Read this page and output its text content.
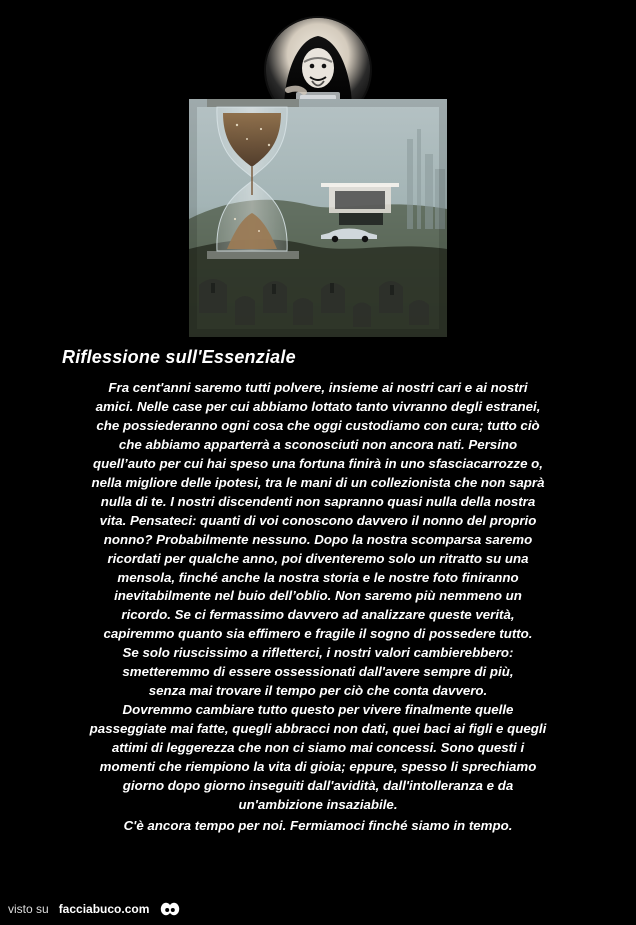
Riflessione sull'Essenziale

Fra cent'anni saremo tutti polvere, insieme ai nostri cari e ai nostri
amici. Nelle case per cui abbiamo lottato tanto vivranno degli estranei,
che possiederanno ogni cosa che oggi custodiamo con cura; tutto ciò
che abbiamo apparterrà a sconosciuti non ancora nati. Persino
quell’auto per cui hai speso una fortuna finirà in uno sfasciacarrozze o,
nella migliore delle ipotesi, tra le mani di un collezionista che non saprà
nulla di te. I nostri discendenti non sapranno quasi nulla della nostra
vita. Pensateci: quanti di voi conoscono davvero il nonno del proprio
nonno? Probabilmente nessuno. Dopo la nostra scomparsa saremo
ricordati per qualche anno, poi diventeremo solo un ritratto su una
mensola, finché anche la nostra storia e le nostre foto finiranno
inevitabilmente nel buio dell’oblio. Non saremo più nemmeno un
ricordo. Se ci fermassimo davvero ad analizzare queste verità,
capiremmo quanto sia effimero e fragile il sogno di possedere tutto.
Se solo riuscissimo a rifletterci, i nostri valori cambierebbero:
smetteremmo di essere ossessionati dall'avere sempre di più,
senza mai trovare il tempo per ciò che conta davvero.
Dovremmo cambiare tutto questo per vivere finalmente quelle
passeggiate mai fatte, quegli abbracci non dati, quei baci ai figli e quegli
attimi di leggerezza che non ci siamo mai concessi. Sono questi i
momenti che riempiono la vita di gioia; eppure, spesso li sprechiamo
giorno dopo giorno inseguiti dall'avidità, dall'intolleranza e da
un'ambizione insaziabile.

C'è ancora tempo per noi. Fermiamoci finché siamo in tempo.

visto su facciabuco.com
